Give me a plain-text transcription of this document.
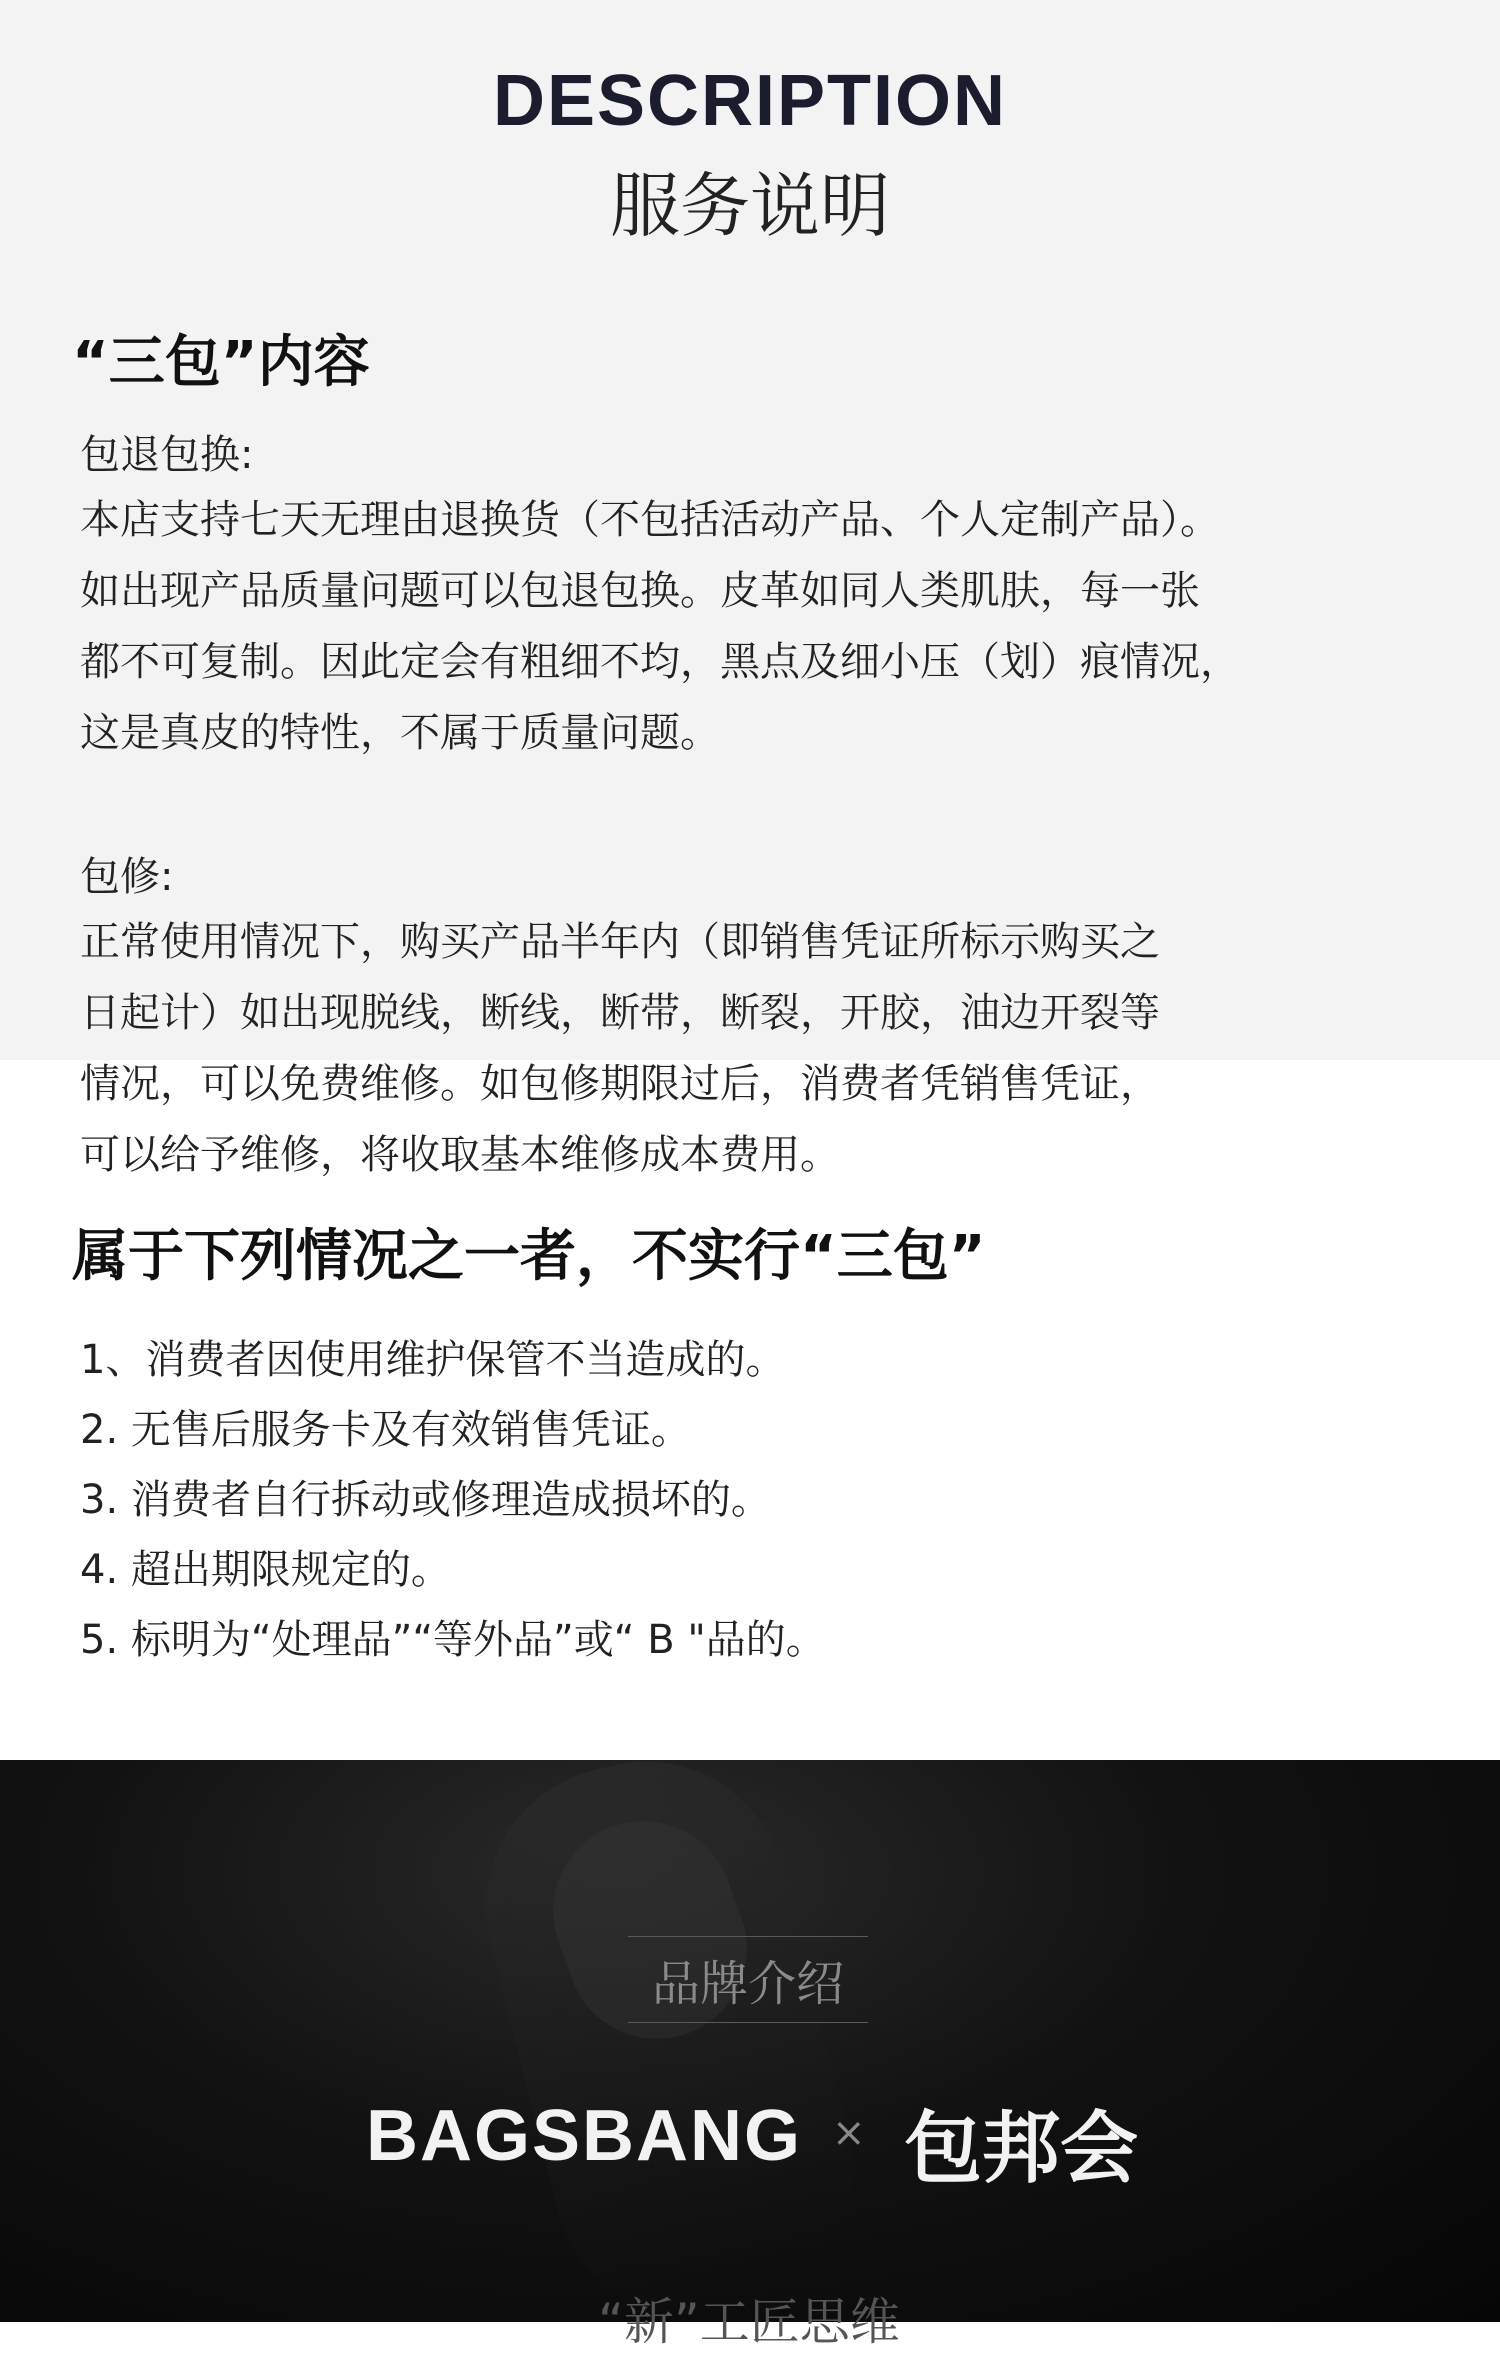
DESCRIPTION
服务说明
“三包”内容
包退包换:
本店支持七天无理由退换货（不包括活动产品、个人定制产品）。
如出现产品质量问题可以包退包换。皮革如同人类肌肤，每一张
都不可复制。因此定会有粗细不均，黑点及细小压（划）痕情况，
这是真皮的特性，不属于质量问题。
包修:
正常使用情况下，购买产品半年内（即销售凭证所标示购买之
日起计）如出现脱线，断线，断带，断裂，开胶，油边开裂等
情况，可以免费维修。如包修期限过后，消费者凭销售凭证，
可以给予维修，将收取基本维修成本费用。
属于下列情况之一者，不实行“三包”
1、消费者因使用维护保管不当造成的。
2. 无售后服务卡及有效销售凭证。
3. 消费者自行拆动或修理造成损坏的。
4. 超出期限规定的。
5. 标明为“处理品”“等外品”或“ B "品的。
品牌介绍
BAGSBANG × 包邦会
“新”工匠思维
